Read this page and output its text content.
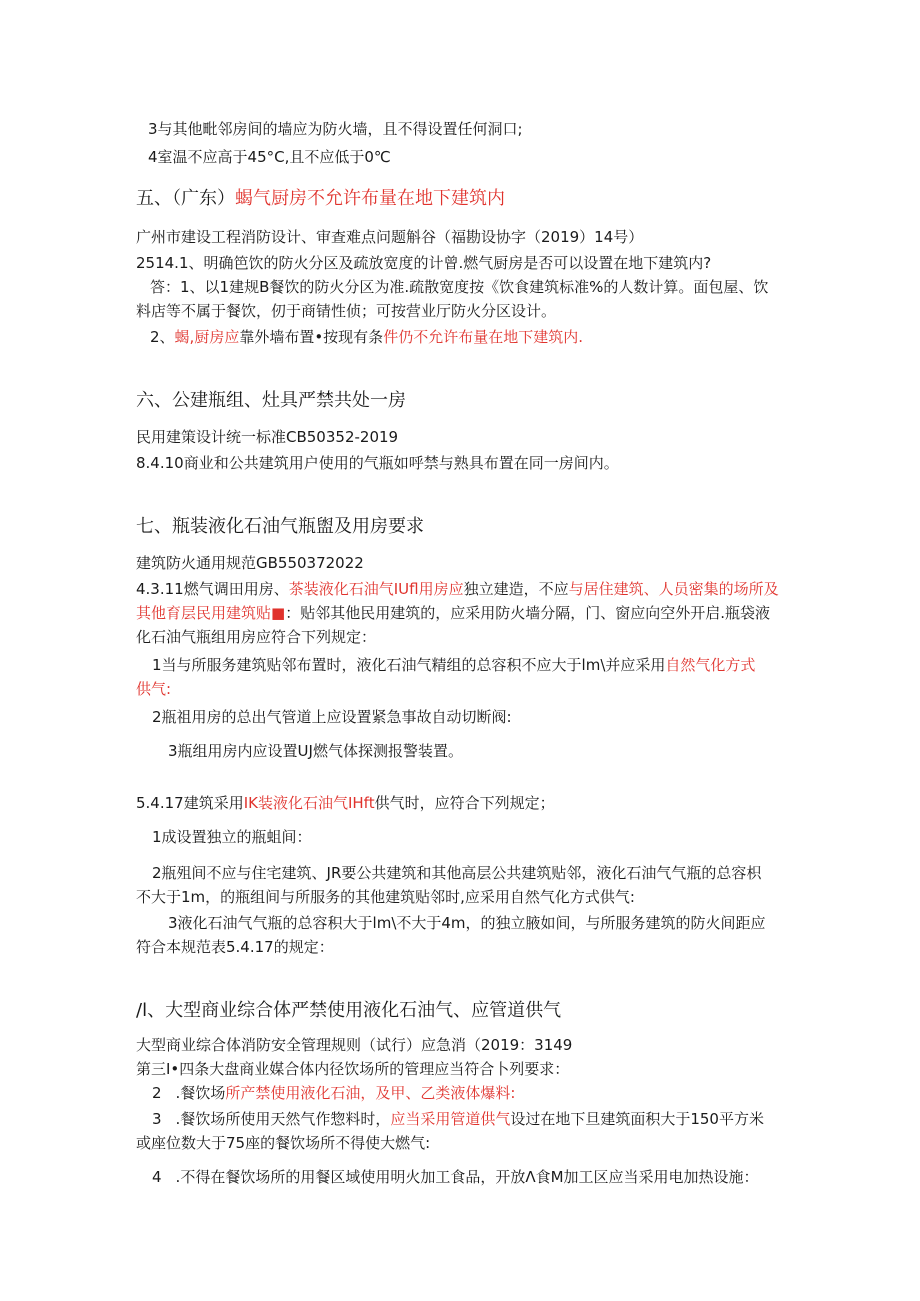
3与其他毗邻房间的墙应为防火墙，且不得设置任何洞口;

4室温不应高于45°C,且不应低于0℃

五、（广东）蝎气厨房不允许布量在地下建筑内

广州市建设工程消防设计、审查难点问题斛谷（福勘设协字（2019）14号）

2514.1、明确笆饮的防火分区及疏放宽度的计曾.燃气厨房是否可以设置在地下建筑内?

答：1、以1建规B餐饮的防火分区为准.疏散宽度按《饮食建筑标准%的人数计算。面包屋、饮

料店等不属于餐饮，仞于商锖性侦；可按营业厅防火分区设计。

2、蝎,厨房应靠外墙布置•按现有条件仍不允许布量在地下建筑内.

六、公建瓶组、灶具严禁共处一房

民用建策设计统一标准CB50352-2019

8.4.10商业和公共建筑用户使用的气瓶如呼禁与熟具布置在同一房间内。

七、瓶装液化石油气瓶盥及用房要求

建筑防火通用规范GB550372022

4.3.11燃气调田用房、茶装液化石油气IUfl用房应独立建造，不应与居住建筑、人员密集的场所及

其他育层民用建筑贴■：贴邻其他民用建筑的，应采用防火墙分隔，门、窗应向空外开启.瓶袋液

化石油气瓶组用房应符合下列规定：

1当与所服务建筑贴邻布置时，液化石油气精组的总容积不应大于lm\并应采用自然气化方式

供气:

2瓶祖用房的总出气管道上应设置紧急事故自动切断阀:

3瓶组用房内应设置UJ燃气体探测报警装置。

5.4.17建筑采用IK装液化石油气IHft供气时，应符合下列规定；

1成设置独立的瓶蛆间：

2瓶殂间不应与住宅建筑、JR要公共建筑和其他高层公共建筑贴邻，液化石油气气瓶的总容枳

不大于1m，的瓶组间与所服务的其他建筑贴邻时,应采用自然气化方式供气:

3液化石油气气瓶的总容积大于lm\不大于4m，的独立腋如间，与所服务建筑的防火间距应

符合本规范表5.4.17的规定：

/l、大型商业综合体严禁使用液化石油气、应管道供气

大型商业综合体消防安全管理规则（试行）应急消（2019：3149

第三I•四条大盘商业媒合体内径饮场所的管理应当符合卜列要求：

2 .餐饮场所产禁使用液化石油，及甲、乙类液体爆料:

3 .餐饮场所使用天然气作惣料时，应当采用管道供气设过在地下旦建筑面积大于150平方米

或座位数大于75座的餐饮场所不得使大燃气:

4 .不得在餐饮场所的用餐区域使用明火加工食品，开放Λ食M加工区应当采用电加热设施：
